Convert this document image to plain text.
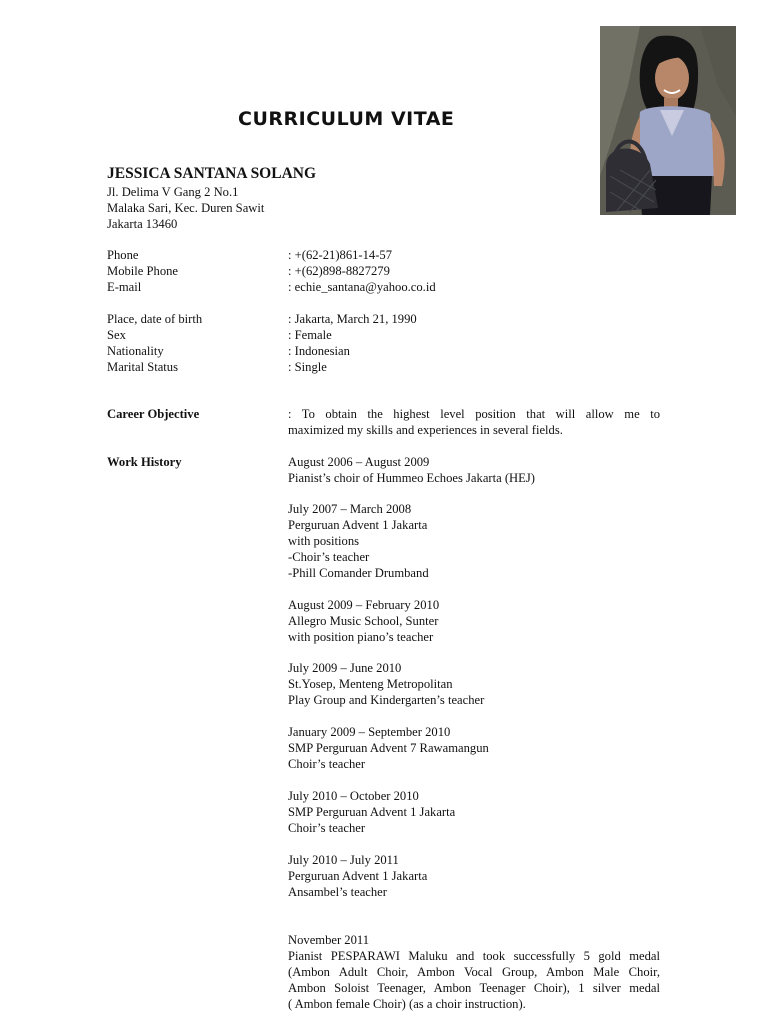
CURRICULUM VITAE
JESSICA SANTANA SOLANG
Jl. Delima V Gang 2 No.1
Malaka Sari, Kec. Duren Sawit
Jakarta 13460
Phone	: +(62-21)861-14-57
Mobile Phone	: +(62)898-8827279
E-mail	: echie_santana@yahoo.co.id
Place, date of birth	: Jakarta, March 21, 1990
Sex	: Female
Nationality	: Indonesian
Marital Status	: Single
Career Objective	: To obtain the highest level position that will allow me to
maximized my skills and experiences in several fields.
Work History	August 2006 – August 2009
Pianist’s choir of Hummeo Echoes Jakarta (HEJ)
July 2007 – March 2008
Perguruan Advent 1 Jakarta
with positions
-Choir’s teacher
-Phill Comander Drumband
August 2009 – February 2010
Allegro Music School, Sunter
with position piano’s teacher
July 2009 – June 2010
St.Yosep, Menteng Metropolitan
Play Group and Kindergarten’s teacher
January 2009 – September 2010
SMP Perguruan Advent 7 Rawamangun
Choir’s teacher
July 2010 – October 2010
SMP Perguruan Advent 1 Jakarta
Choir’s teacher
July 2010 – July 2011
Perguruan Advent 1 Jakarta
Ansambel’s teacher
November 2011
Pianist PESPARAWI Maluku and took successfully 5 gold medal
(Ambon Adult Choir, Ambon Vocal Group, Ambon Male Choir,
Ambon Soloist Teenager, Ambon Teenager Choir), 1 silver medal
( Ambon female Choir) (as a choir instruction).
